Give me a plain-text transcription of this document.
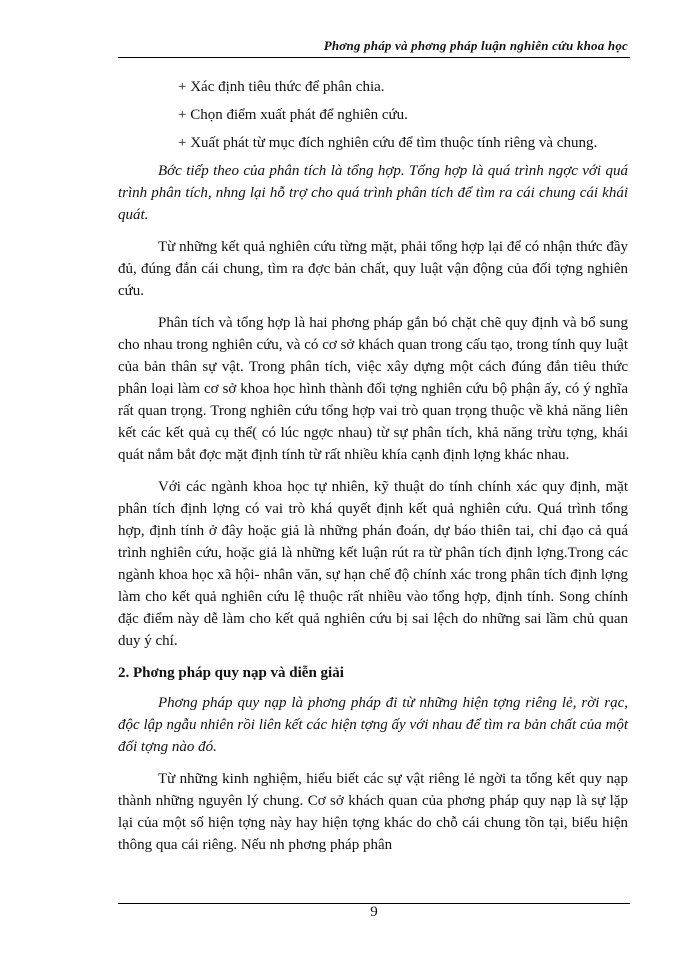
Phơng pháp và phơng pháp luận nghiên cứu khoa học

+ Xác định tiêu thức để phân chia.

+ Chọn điểm xuất phát để nghiên cứu.

+ Xuất phát từ mục đích nghiên cứu để tìm thuộc tính riêng và chung.

Bớc tiếp theo của phân tích là tổng hợp. Tổng hợp là quá trình ngợc với quá trình phân tích, nhng lại hỗ trợ cho quá trình phân tích để tìm ra cái chung cái khái quát.

Từ những kết quả nghiên cứu từng mặt, phải tổng hợp lại để có nhận thức đầy đủ, đúng đắn cái chung, tìm ra đợc bản chất, quy luật vận động của đối tợng nghiên cứu.

Phân tích và tổng hợp là hai phơng pháp gắn bó chặt chẽ quy định và bổ sung cho nhau trong nghiên cứu, và có cơ sở khách quan trong cấu tạo, trong tính quy luật của bản thân sự vật. Trong phân tích, việc xây dựng một cách đúng đắn tiêu thức phân loại làm cơ sở khoa học hình thành đối tợng nghiên cứu bộ phận ấy, có ý nghĩa rất quan trọng. Trong nghiên cứu tổng hợp vai trò quan trọng thuộc về khả năng liên kết các kết quả cụ thể( có lúc ngợc nhau) từ sự phân tích, khả năng trừu tợng, khái quát nắm bắt đợc mặt định tính từ rất nhiều khía cạnh định lợng khác nhau.

Với các ngành khoa học tự nhiên, kỹ thuật do tính chính xác quy định, mặt phân tích định lợng có vai trò khá quyết định kết quả nghiên cứu. Quá trình tổng hợp, định tính ở đây hoặc giả là những phán đoán, dự báo thiên tai, chỉ đạo cả quá trình nghiên cứu, hoặc giả là những kết luận rút ra từ phân tích định lợng.Trong các ngành khoa học xã hội- nhân văn, sự hạn chế độ chính xác trong phân tích định lợng làm cho kết quả nghiên cứu lệ thuộc rất nhiều vào tổng hợp, định tính. Song chính đặc điểm này dễ làm cho kết quả nghiên cứu bị sai lệch do những sai lầm chủ quan duy ý chí.

2. Phơng pháp quy nạp và diễn giải

Phơng pháp quy nạp là phơng pháp đi từ những hiện tợng riêng lẻ, rời rạc, độc lập ngẫu nhiên rồi liên kết các hiện tợng ấy với nhau để tìm ra bản chất của một đối tợng nào đó.

Từ những kinh nghiệm, hiểu biết các sự vật riêng lẻ ngời ta tổng kết quy nạp thành những nguyên lý chung. Cơ sở khách quan của phơng pháp quy nạp là sự lặp lại của một số hiện tợng này hay hiện tợng khác do chỗ cái chung tồn tại, biểu hiện thông qua cái riêng. Nếu nh phơng pháp phân

9
